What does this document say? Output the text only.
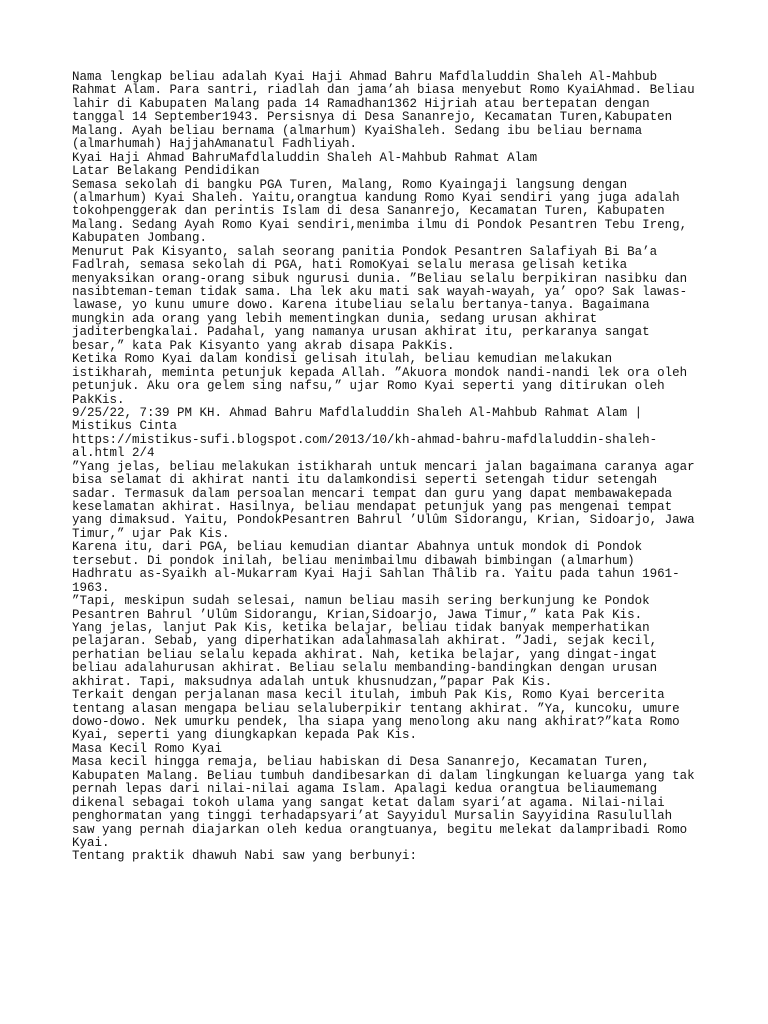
Nama lengkap beliau adalah Kyai Haji Ahmad Bahru Mafdlaluddin Shaleh Al-Mahbub
Rahmat Alam. Para santri, riadlah dan jama’ah biasa menyebut Romo KyaiAhmad. Beliau
lahir di Kabupaten Malang pada 14 Ramadhan1362 Hijriah atau bertepatan dengan
tanggal 14 September1943. Persisnya di Desa Sananrejo, Kecamatan Turen,Kabupaten
Malang. Ayah beliau bernama (almarhum) KyaiShaleh. Sedang ibu beliau bernama
(almarhumah) HajjahAmanatul Fadhliyah.
Kyai Haji Ahmad BahruMafdlaluddin Shaleh Al-Mahbub Rahmat Alam
Latar Belakang Pendidikan
Semasa sekolah di bangku PGA Turen, Malang, Romo Kyaingaji langsung dengan
(almarhum) Kyai Shaleh. Yaitu,orangtua kandung Romo Kyai sendiri yang juga adalah
tokohpenggerak dan perintis Islam di desa Sananrejo, Kecamatan Turen, Kabupaten
Malang. Sedang Ayah Romo Kyai sendiri,menimba ilmu di Pondok Pesantren Tebu Ireng,
Kabupaten Jombang.
Menurut Pak Kisyanto, salah seorang panitia Pondok Pesantren Salafiyah Bi Ba’a
Fadlrah, semasa sekolah di PGA, hati RomoKyai selalu merasa gelisah ketika
menyaksikan orang-orang sibuk ngurusi dunia. ”Beliau selalu berpikiran nasibku dan
nasibteman-teman tidak sama. Lha lek aku mati sak wayah-wayah, ya’ opo? Sak lawas-
lawase, yo kunu umure dowo. Karena itubeliau selalu bertanya-tanya. Bagaimana
mungkin ada orang yang lebih mementingkan dunia, sedang urusan akhirat
jaditerbengkalai. Padahal, yang namanya urusan akhirat itu, perkaranya sangat
besar,” kata Pak Kisyanto yang akrab disapa PakKis.
Ketika Romo Kyai dalam kondisi gelisah itulah, beliau kemudian melakukan
istikharah, meminta petunjuk kepada Allah. ”Akuora mondok nandi-nandi lek ora oleh
petunjuk. Aku ora gelem sing nafsu,” ujar Romo Kyai seperti yang ditirukan oleh
PakKis.
9/25/22, 7:39 PM KH. Ahmad Bahru Mafdlaluddin Shaleh Al-Mahbub Rahmat Alam |
Mistikus Cinta
https://mistikus-sufi.blogspot.com/2013/10/kh-ahmad-bahru-mafdlaluddin-shaleh-
al.html 2/4
”Yang jelas, beliau melakukan istikharah untuk mencari jalan bagaimana caranya agar
bisa selamat di akhirat nanti itu dalamkondisi seperti setengah tidur setengah
sadar. Termasuk dalam persoalan mencari tempat dan guru yang dapat membawakepada
keselamatan akhirat. Hasilnya, beliau mendapat petunjuk yang pas mengenai tempat
yang dimaksud. Yaitu, PondokPesantren Bahrul ’Ulûm Sidorangu, Krian, Sidoarjo, Jawa
Timur,” ujar Pak Kis.
Karena itu, dari PGA, beliau kemudian diantar Abahnya untuk mondok di Pondok
tersebut. Di pondok inilah, beliau menimbailmu dibawah bimbingan (almarhum)
Hadhratu as-Syaikh al-Mukarram Kyai Haji Sahlan Thâlib ra. Yaitu pada tahun 1961-
1963.
”Tapi, meskipun sudah selesai, namun beliau masih sering berkunjung ke Pondok
Pesantren Bahrul ’Ulûm Sidorangu, Krian,Sidoarjo, Jawa Timur,” kata Pak Kis.
Yang jelas, lanjut Pak Kis, ketika belajar, beliau tidak banyak memperhatikan
pelajaran. Sebab, yang diperhatikan adalahmasalah akhirat. ”Jadi, sejak kecil,
perhatian beliau selalu kepada akhirat. Nah, ketika belajar, yang dingat-ingat
beliau adalahurusan akhirat. Beliau selalu membanding-bandingkan dengan urusan
akhirat. Tapi, maksudnya adalah untuk khusnudzan,”papar Pak Kis.
Terkait dengan perjalanan masa kecil itulah, imbuh Pak Kis, Romo Kyai bercerita
tentang alasan mengapa beliau selaluberpikir tentang akhirat. ”Ya, kuncoku, umure
dowo-dowo. Nek umurku pendek, lha siapa yang menolong aku nang akhirat?”kata Romo
Kyai, seperti yang diungkapkan kepada Pak Kis.
Masa Kecil Romo Kyai
Masa kecil hingga remaja, beliau habiskan di Desa Sananrejo, Kecamatan Turen,
Kabupaten Malang. Beliau tumbuh dandibesarkan di dalam lingkungan keluarga yang tak
pernah lepas dari nilai-nilai agama Islam. Apalagi kedua orangtua beliaumemang
dikenal sebagai tokoh ulama yang sangat ketat dalam syari’at agama. Nilai-nilai
penghormatan yang tinggi terhadapsyari’at Sayyidul Mursalin Sayyidina Rasulullah
saw yang pernah diajarkan oleh kedua orangtuanya, begitu melekat dalampribadi Romo
Kyai.
Tentang praktik dhawuh Nabi saw yang berbunyi:
